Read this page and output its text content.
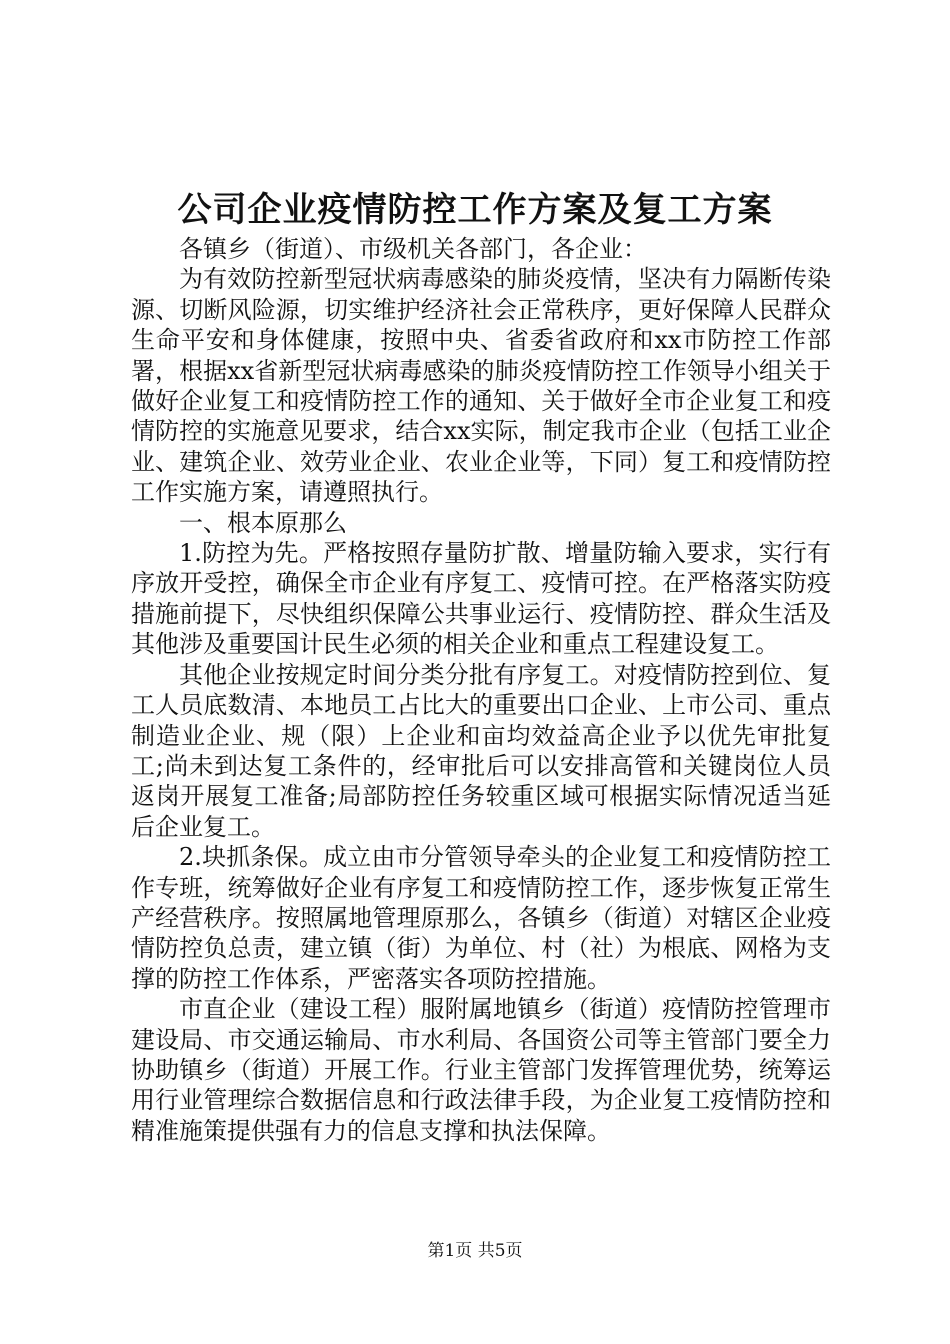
公司企业疫情防控工作方案及复工方案

各镇乡（街道）、市级机关各部门，各企业：

为有效防控新型冠状病毒感染的肺炎疫情，坚决有力隔断传染源、切断风险源，切实维护经济社会正常秩序，更好保障人民群众生命平安和身体健康，按照中央、省委省政府和xx市防控工作部署，根据xx省新型冠状病毒感染的肺炎疫情防控工作领导小组关于做好企业复工和疫情防控工作的通知、关于做好全市企业复工和疫情防控的实施意见要求，结合xx实际，制定我市企业（包括工业企业、建筑企业、效劳业企业、农业企业等，下同）复工和疫情防控工作实施方案，请遵照执行。

一、根本原那么

1.防控为先。严格按照存量防扩散、增量防输入要求，实行有序放开受控，确保全市企业有序复工、疫情可控。在严格落实防疫措施前提下，尽快组织保障公共事业运行、疫情防控、群众生活及其他涉及重要国计民生必须的相关企业和重点工程建设复工。

其他企业按规定时间分类分批有序复工。对疫情防控到位、复工人员底数清、本地员工占比大的重要出口企业、上市公司、重点制造业企业、规（限）上企业和亩均效益高企业予以优先审批复工;尚未到达复工条件的，经审批后可以安排高管和关键岗位人员返岗开展复工准备;局部防控任务较重区域可根据实际情况适当延后企业复工。

2.块抓条保。成立由市分管领导牵头的企业复工和疫情防控工作专班，统筹做好企业有序复工和疫情防控工作，逐步恢复正常生产经营秩序。按照属地管理原那么，各镇乡（街道）对辖区企业疫情防控负总责，建立镇（街）为单位、村（社）为根底、网格为支撑的防控工作体系，严密落实各项防控措施。

市直企业（建设工程）服附属地镇乡（街道）疫情防控管理市建设局、市交通运输局、市水利局、各国资公司等主管部门要全力协助镇乡（街道）开展工作。行业主管部门发挥管理优势，统筹运用行业管理综合数据信息和行政法律手段，为企业复工疫情防控和精准施策提供强有力的信息支撑和执法保障。

第1页 共5页
